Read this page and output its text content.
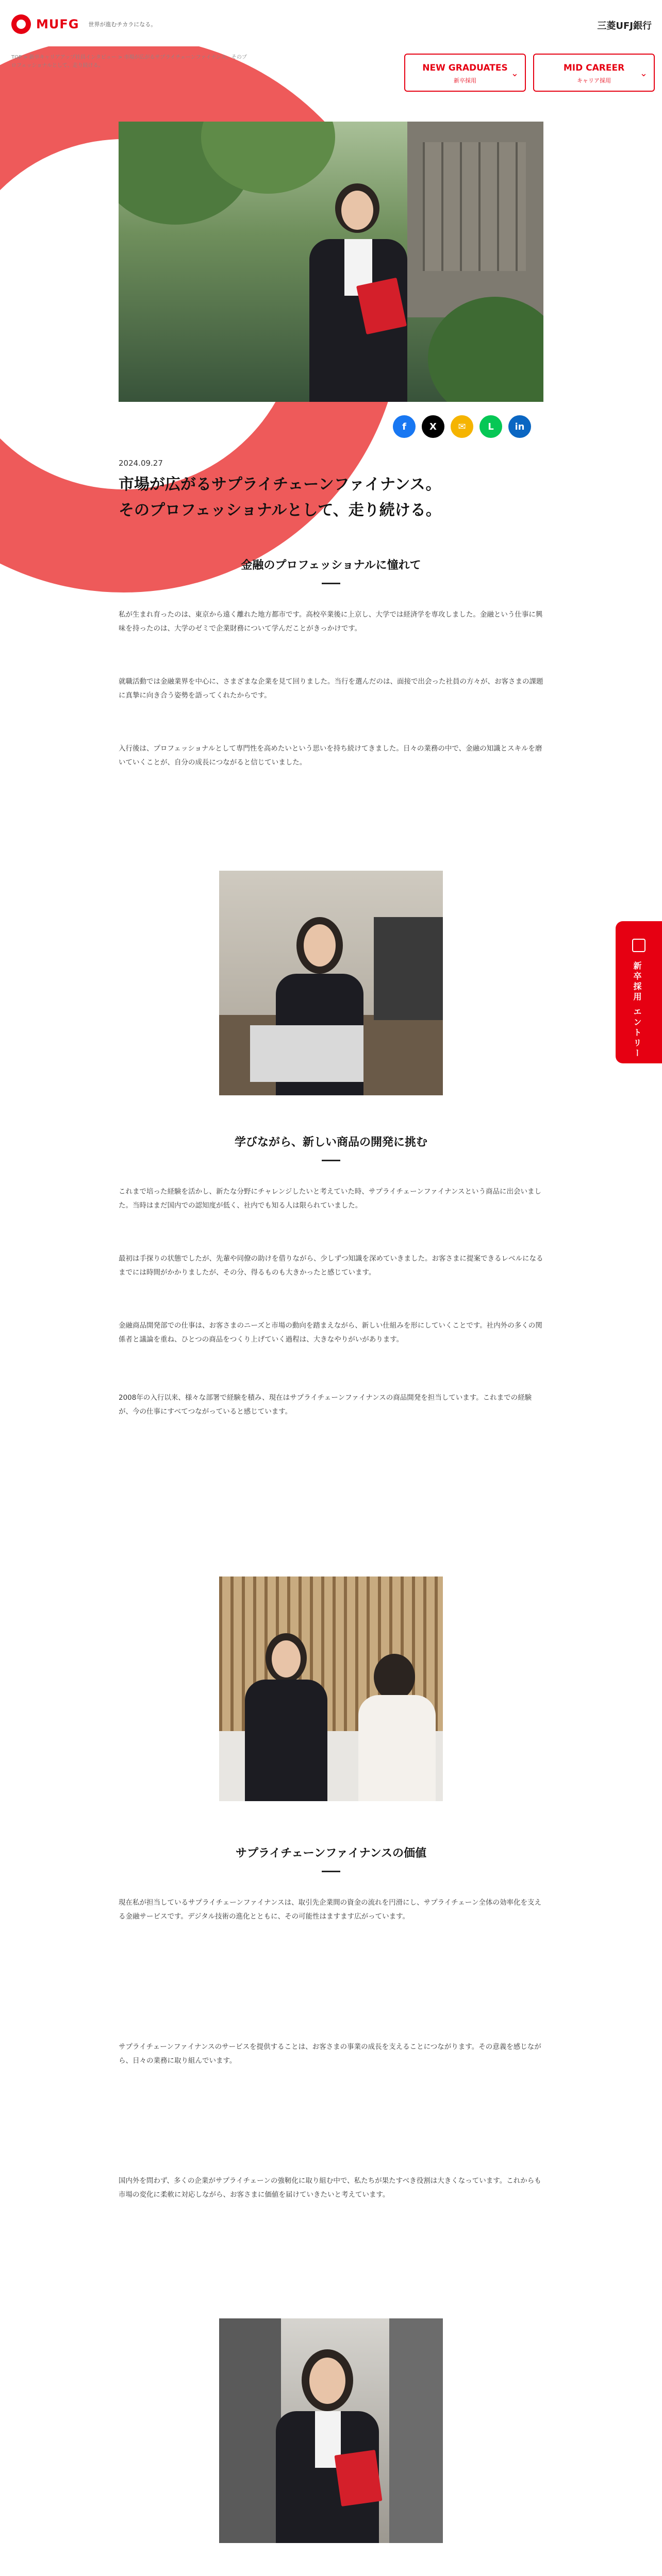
MUFG 世界が進むチカラになる。	三菱UFJ銀行
TOP > 新卒キャリアアップ社員インタビュー > 市場が広がるサプライチェーンファイナンス。そのプロフェッショナルとして、走り続ける。	NEW GRADUATES
新卒採用
⌄	MID CAREER
キャリア採用
⌄
f	X	✉	L	in
2024.09.27
市場が広がるサプライチェーンファイナンス。
そのプロフェッショナルとして、走り続ける。
金融のプロフェッショナルに憧れて

私が生まれ育ったのは、東京から遠く離れた地方都市です。高校卒業後に上京し、大学では経済学を専攻しました。金融という仕事に興味を持ったのは、大学のゼミで企業財務について学んだことがきっかけです。

就職活動では金融業界を中心に、さまざまな企業を見て回りました。当行を選んだのは、面接で出会った社員の方々が、お客さまの課題に真摯に向き合う姿勢を語ってくれたからです。

入行後は、プロフェッショナルとして専門性を高めたいという思いを持ち続けてきました。日々の業務の中で、金融の知識とスキルを磨いていくことが、自分の成長につながると信じていました。

学びながら、新しい商品の開発に挑む

これまで培った経験を活かし、新たな分野にチャレンジしたいと考えていた時、サプライチェーンファイナンスという商品に出会いました。当時はまだ国内での認知度が低く、社内でも知る人は限られていました。

最初は手探りの状態でしたが、先輩や同僚の助けを借りながら、少しずつ知識を深めていきました。お客さまに提案できるレベルになるまでには時間がかかりましたが、その分、得るものも大きかったと感じています。

金融商品開発部での仕事は、お客さまのニーズと市場の動向を踏まえながら、新しい仕組みを形にしていくことです。社内外の多くの関係者と議論を重ね、ひとつの商品をつくり上げていく過程は、大きなやりがいがあります。

2008年の入行以来、様々な部署で経験を積み、現在はサプライチェーンファイナンスの商品開発を担当しています。これまでの経験が、今の仕事にすべてつながっていると感じています。

サプライチェーンファイナンスの価値

現在私が担当しているサプライチェーンファイナンスは、取引先企業間の資金の流れを円滑にし、サプライチェーン全体の効率化を支える金融サービスです。デジタル技術の進化とともに、その可能性はますます広がっています。

サプライチェーンファイナンスのサービスを提供することは、お客さまの事業の成長を支えることにつながります。その意義を感じながら、日々の業務に取り組んでいます。

国内外を問わず、多くの企業がサプライチェーンの強靭化に取り組む中で、私たちが果たすべき役割は大きくなっています。これからも市場の変化に柔軟に対応しながら、お客さまに価値を届けていきたいと考えています。

新卒採用 エントリー
